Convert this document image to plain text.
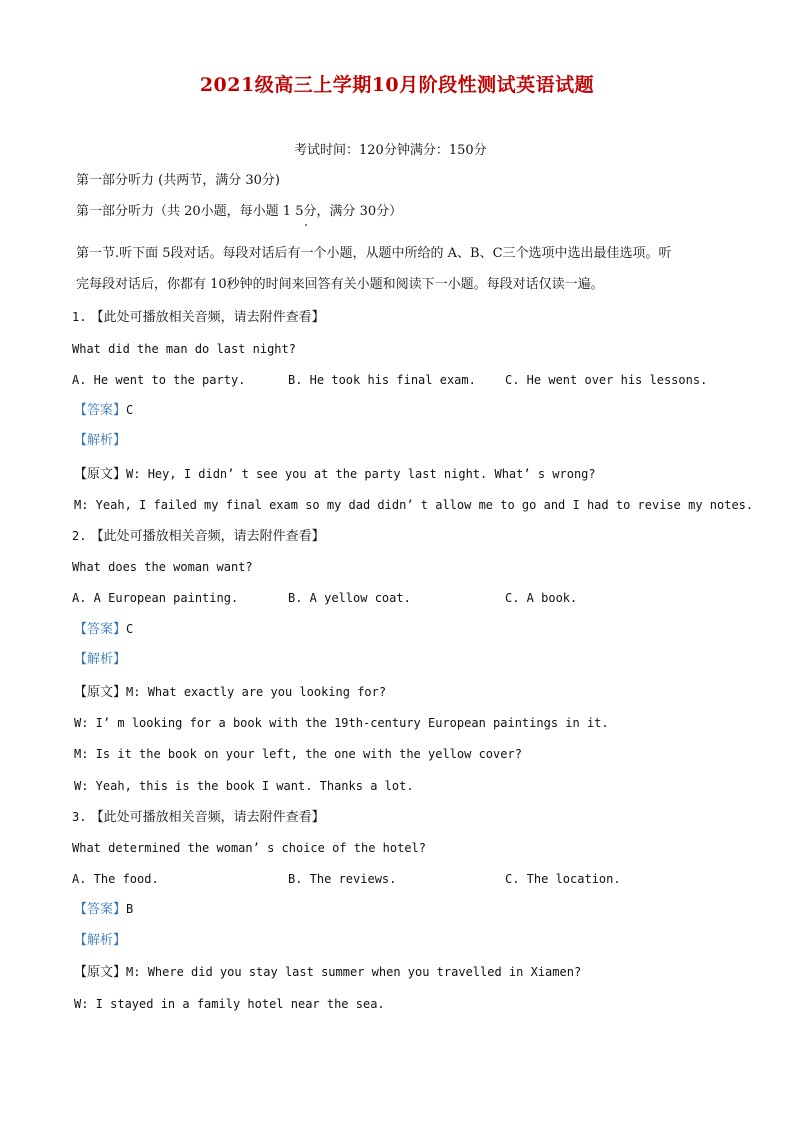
2021级高三上学期10月阶段性测试英语试题
考试时间：120分钟满分：150分
第一部分听力 (共两节，满分 30分)
第一部分听力（共 20小题，每小题 1 5分，满分 30分）
第一节.听下面 5段对话。每段对话后有一个小题，从题中所给的 A、B、C三个选项中选出最佳选项。听
完每段对话后，你都有 10秒钟的时间来回答有关小题和阅读下一小题。每段对话仅读一遍。
1. 【此处可播放相关音频，请去附件查看】
What did the man do last night?
A. He went to the party.	B. He took his final exam. C. He went over his lessons.
【答案】C
【解析】
【原文】W: Hey, I didn’ t see you at the party last night. What’ s wrong?
M: Yeah, I failed my final exam so my dad didn’ t allow me to go and I had to revise my notes.
2. 【此处可播放相关音频，请去附件查看】
What does the woman want?
A. A European painting.	B. A yellow coat.	C. A book.
【答案】C
【解析】
【原文】M: What exactly are you looking for?
W: I’ m looking for a book with the 19th-century European paintings in it.
M: Is it the book on your left, the one with the yellow cover?
W: Yeah, this is the book I want. Thanks a lot.
3. 【此处可播放相关音频，请去附件查看】
What determined the woman’ s choice of the hotel?
A. The food.	B. The reviews.	C. The location.
【答案】B
【解析】
【原文】M: Where did you stay last summer when you travelled in Xiamen?
W: I stayed in a family hotel near the sea.
